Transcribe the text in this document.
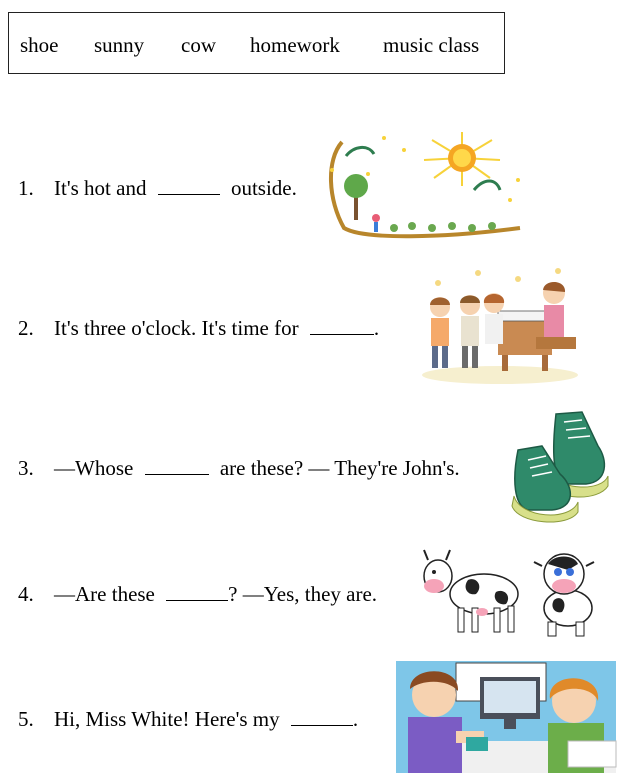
shoe sunny cow homework music class
1. It's hot and	outside.
2. It's three o'clock. It's time for	.
3. —Whose	are these? — They're John's.
4. —Are these	? —Yes, they are.
5. Hi, Miss White! Here's my	.
